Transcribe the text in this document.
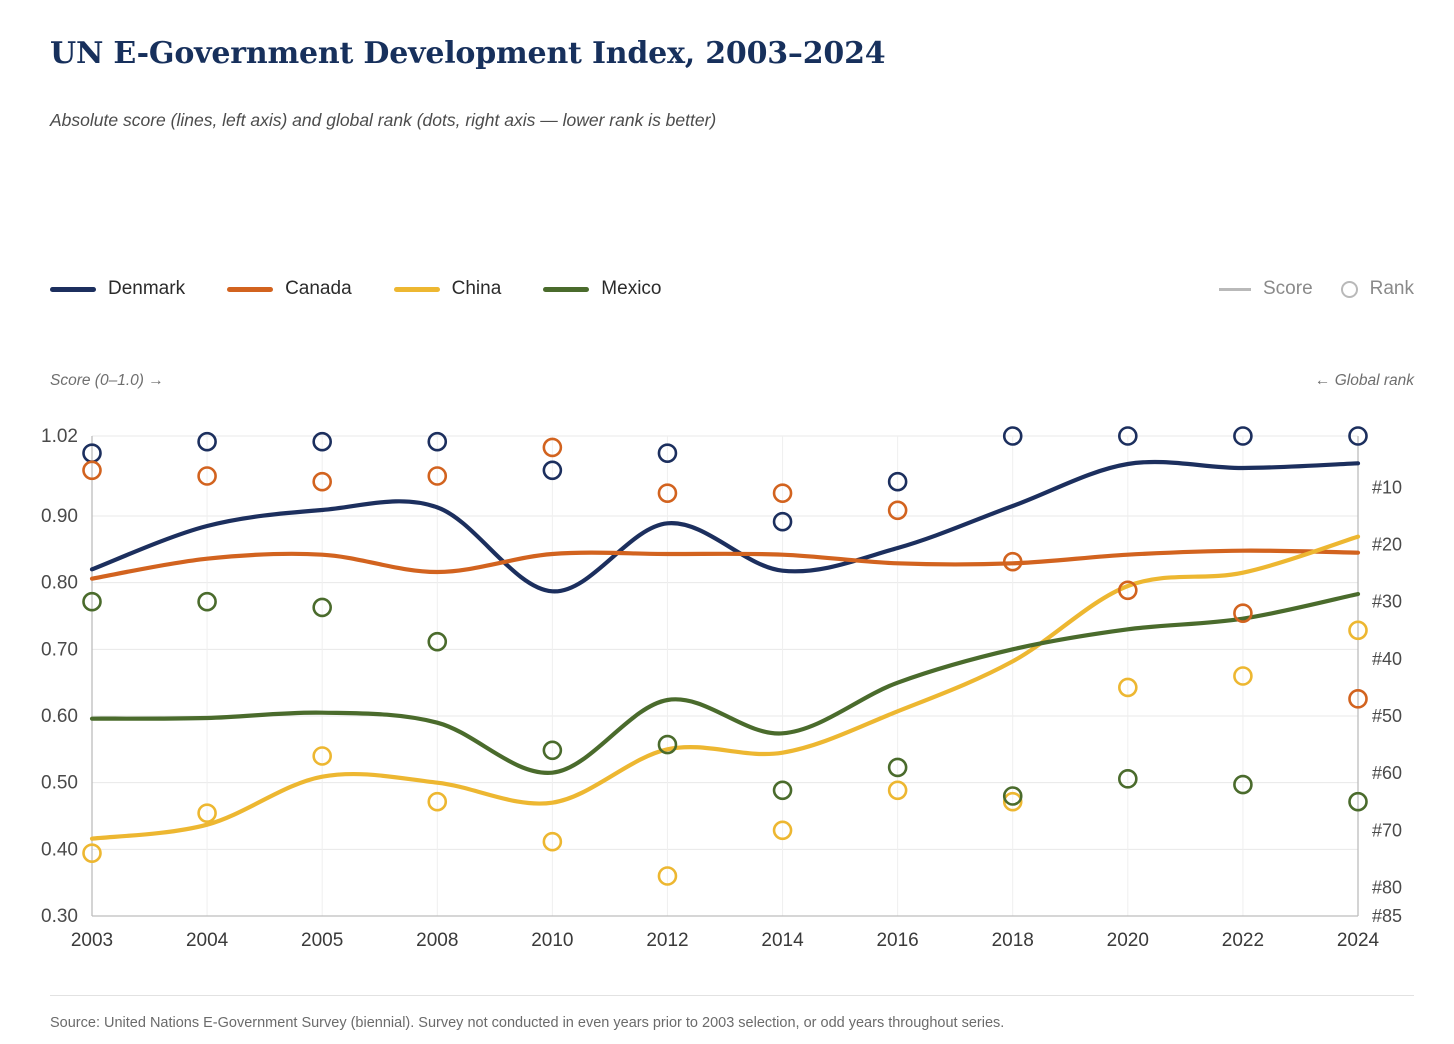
UN E-Government Development Index, 2003–2024
Absolute score (lines, left axis) and global rank (dots, right axis — lower rank is better)
Denmark	Canada	China	Mexico	Score	Rank
Score (0–1.0) →	← Global rank
0.30
0.40
0.50
0.60
0.70
0.80
0.90
1.02
#10
#20
#30
#40
#50
#60
#70
#80
#85
2003	2004	2005	2008	2010	2012	2014	2016	2018	2020	2022	2024
Source: United Nations E-Government Survey (biennial). Survey not conducted in even years prior to 2003 selection, or odd years throughout series.
